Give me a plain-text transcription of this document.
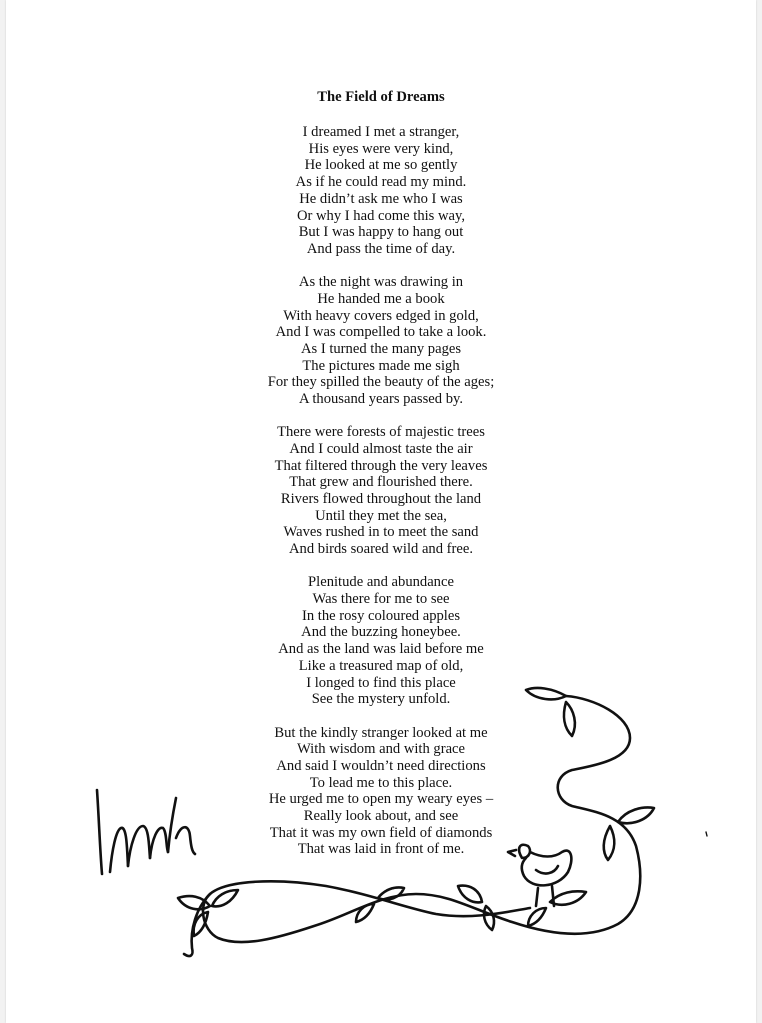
The Field of Dreams
I dreamed I met a stranger,
His eyes were very kind,
He looked at me so gently
As if he could read my mind.
He didn’t ask me who I was
Or why I had come this way,
But I was happy to hang out
And pass the time of day.
As the night was drawing in
He handed me a book
With heavy covers edged in gold,
And I was compelled to take a look.
As I turned the many pages
The pictures made me sigh
For they spilled the beauty of the ages;
A thousand years passed by.
There were forests of majestic trees
And I could almost taste the air
That filtered through the very leaves
That grew and flourished there.
Rivers flowed throughout the land
Until they met the sea,
Waves rushed in to meet the sand
And birds soared wild and free.
Plenitude and abundance
Was there for me to see
In the rosy coloured apples
And the buzzing honeybee.
And as the land was laid before me
Like a treasured map of old,
I longed to find this place
See the mystery unfold.
But the kindly stranger looked at me
With wisdom and with grace
And said I wouldn’t need directions
To lead me to this place.
He urged me to open my weary eyes –
Really look about, and see
That it was my own field of diamonds
That was laid in front of me.
